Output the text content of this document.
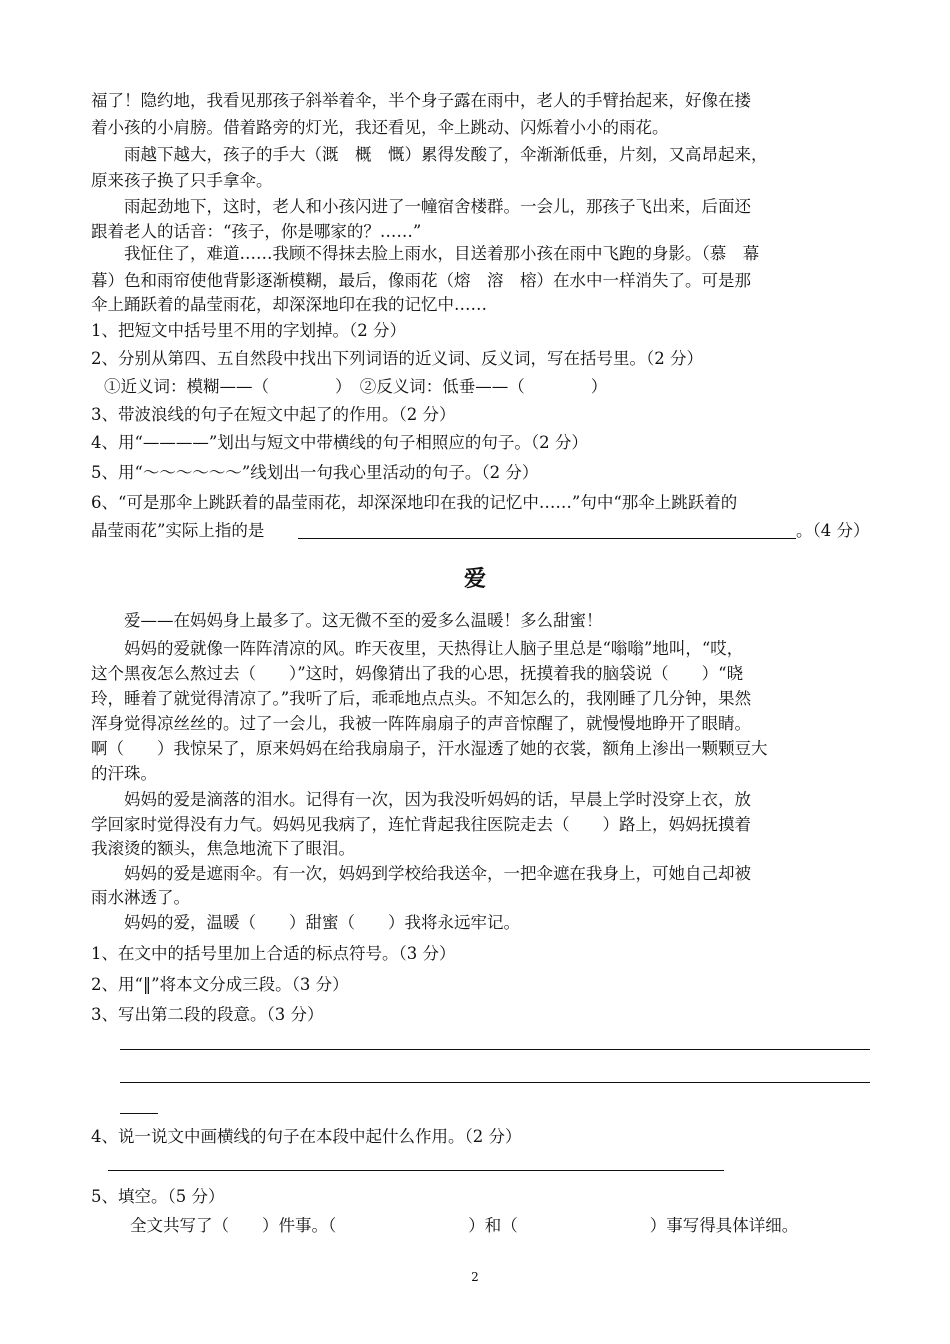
福了！隐约地，我看见那孩子斜举着伞，半个身子露在雨中，老人的手臂抬起来，好像在搂
着小孩的小肩膀。借着路旁的灯光，我还看见，伞上跳动、闪烁着小小的雨花。
雨越下越大，孩子的手大（溉　概　慨）累得发酸了，伞渐渐低垂，片刻，又高昂起来，
原来孩子换了只手拿伞。
雨起劲地下，这时，老人和小孩闪进了一幢宿舍楼群。一会儿，那孩子飞出来，后面还
跟着老人的话音：“孩子，你是哪家的？……”
我怔住了，难道……我顾不得抹去脸上雨水，目送着那小孩在雨中飞跑的身影。（慕　幕
暮）色和雨帘使他背影逐渐模糊，最后，像雨花（熔　溶　榕）在水中一样消失了。可是那
伞上踊跃着的晶莹雨花，却深深地印在我的记忆中……
1、把短文中括号里不用的字划掉。（2 分）
2、分别从第四、五自然段中找出下列词语的近义词、反义词，写在括号里。（2 分）
①近义词：模糊——（　　　　）　②反义词：低垂——（　　　　）
3、带波浪线的句子在短文中起了的作用。（2 分）
4、用“————”划出与短文中带横线的句子相照应的句子。（2 分）
5、用“～～～～～～”线划出一句我心里活动的句子。（2 分）
6、“可是那伞上跳跃着的晶莹雨花，却深深地印在我的记忆中……”句中“那伞上跳跃着的
晶莹雨花”实际上指的是	。（4 分）
爱
爱——在妈妈身上最多了。这无微不至的爱多么温暖！多么甜蜜！
妈妈的爱就像一阵阵清凉的风。昨天夜里，天热得让人脑子里总是“嗡嗡”地叫，“哎，
这个黑夜怎么熬过去（　　）”这时，妈像猜出了我的心思，抚摸着我的脑袋说（　　）“晓
玲，睡着了就觉得清凉了。”我听了后，乖乖地点点头。不知怎么的，我刚睡了几分钟，果然
浑身觉得凉丝丝的。过了一会儿，我被一阵阵扇扇子的声音惊醒了，就慢慢地睁开了眼睛。
啊（　　）我惊呆了，原来妈妈在给我扇扇子，汗水湿透了她的衣裳，额角上渗出一颗颗豆大
的汗珠。
妈妈的爱是滴落的泪水。记得有一次，因为我没听妈妈的话，早晨上学时没穿上衣，放
学回家时觉得没有力气。妈妈见我病了，连忙背起我往医院走去（　　）路上，妈妈抚摸着
我滚烫的额头，焦急地流下了眼泪。
妈妈的爱是遮雨伞。有一次，妈妈到学校给我送伞，一把伞遮在我身上，可她自己却被
雨水淋透了。
妈妈的爱，温暖（　　）甜蜜（　　）我将永远牢记。
1、在文中的括号里加上合适的标点符号。（3 分）
2、用“‖”将本文分成三段。（3 分）
3、写出第二段的段意。（3 分）
4、说一说文中画横线的句子在本段中起什么作用。（2 分）
5、填空。（5 分）
全文共写了（　　）件事。（　　　　　　　　）和（　　　　　　　　）事写得具体详细。
2
